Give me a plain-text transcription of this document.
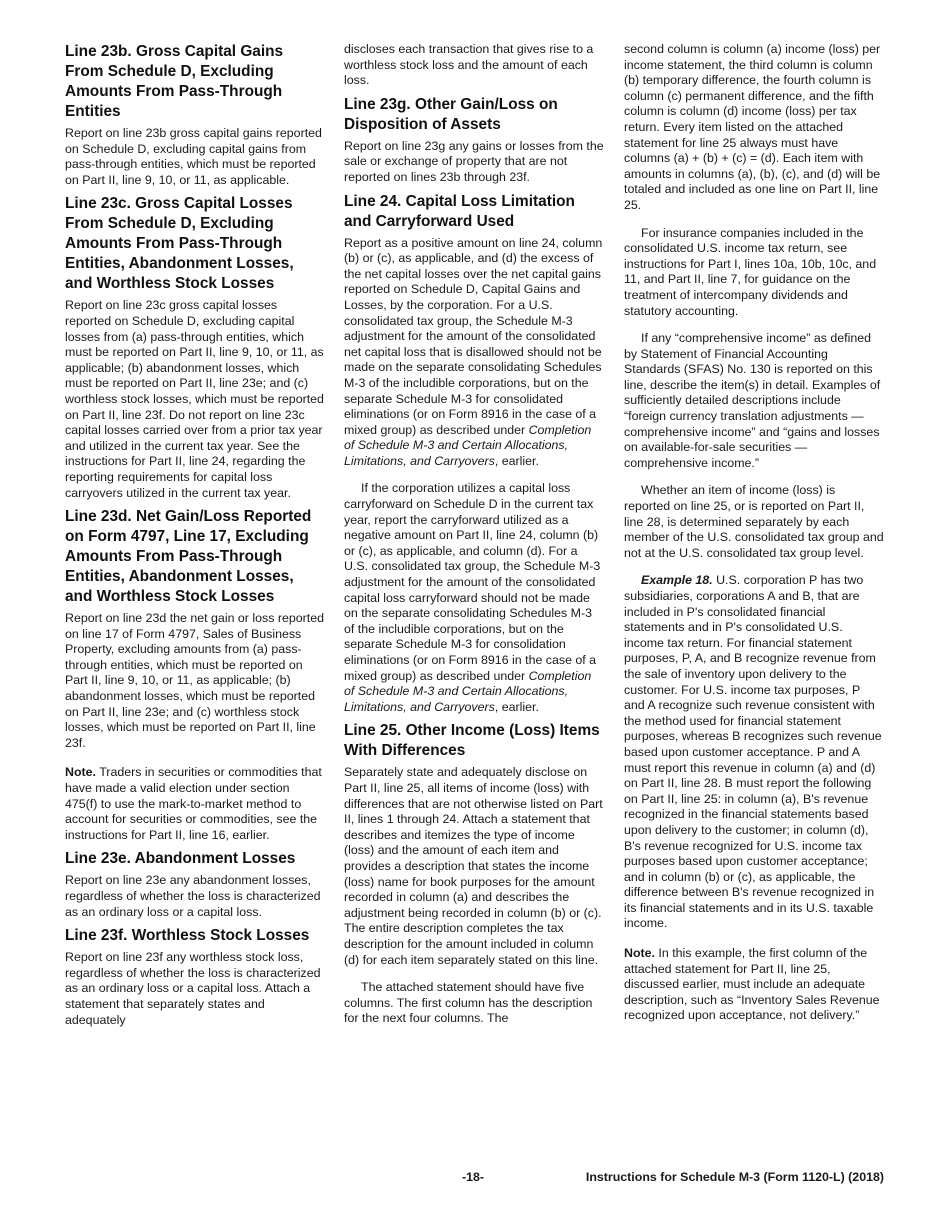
Line 23b. Gross Capital Gains From Schedule D, Excluding Amounts From Pass-Through Entities

Report on line 23b gross capital gains reported on Schedule D, excluding capital gains from pass-through entities, which must be reported on Part II, line 9, 10, or 11, as applicable.

Line 23c. Gross Capital Losses From Schedule D, Excluding Amounts From Pass-Through Entities, Abandonment Losses, and Worthless Stock Losses

Report on line 23c gross capital losses reported on Schedule D, excluding capital losses from (a) pass-through entities, which must be reported on Part II, line 9, 10, or 11, as applicable; (b) abandonment losses, which must be reported on Part II, line 23e; and (c) worthless stock losses, which must be reported on Part II, line 23f. Do not report on line 23c capital losses carried over from a prior tax year and utilized in the current tax year. See the instructions for Part II, line 24, regarding the reporting requirements for capital loss carryovers utilized in the current tax year.

Line 23d. Net Gain/Loss Reported on Form 4797, Line 17, Excluding Amounts From Pass-Through Entities, Abandonment Losses, and Worthless Stock Losses

Report on line 23d the net gain or loss reported on line 17 of Form 4797, Sales of Business Property, excluding amounts from (a) pass-through entities, which must be reported on Part II, line 9, 10, or 11, as applicable; (b) abandonment losses, which must be reported on Part II, line 23e; and (c) worthless stock losses, which must be reported on Part II, line 23f.

Note. Traders in securities or commodities that have made a valid election under section 475(f) to use the mark-to-market method to account for securities or commodities, see the instructions for Part II, line 16, earlier.

Line 23e. Abandonment Losses

Report on line 23e any abandonment losses, regardless of whether the loss is characterized as an ordinary loss or a capital loss.

Line 23f. Worthless Stock Losses

Report on line 23f any worthless stock loss, regardless of whether the loss is characterized as an ordinary loss or a capital loss. Attach a statement that separately states and adequately

discloses each transaction that gives rise to a worthless stock loss and the amount of each loss.

Line 23g. Other Gain/Loss on Disposition of Assets

Report on line 23g any gains or losses from the sale or exchange of property that are not reported on lines 23b through 23f.

Line 24. Capital Loss Limitation and Carryforward Used

Report as a positive amount on line 24, column (b) or (c), as applicable, and (d) the excess of the net capital losses over the net capital gains reported on Schedule D, Capital Gains and Losses, by the corporation. For a U.S. consolidated tax group, the Schedule M-3 adjustment for the amount of the consolidated net capital loss that is disallowed should not be made on the separate consolidating Schedules M-3 of the includible corporations, but on the separate Schedule M-3 for consolidated eliminations (or on Form 8916 in the case of a mixed group) as described under Completion of Schedule M-3 and Certain Allocations, Limitations, and Carryovers, earlier.

If the corporation utilizes a capital loss carryforward on Schedule D in the current tax year, report the carryforward utilized as a negative amount on Part II, line 24, column (b) or (c), as applicable, and column (d). For a U.S. consolidated tax group, the Schedule M-3 adjustment for the amount of the consolidated capital loss carryforward should not be made on the separate consolidating Schedules M-3 of the includible corporations, but on the separate Schedule M-3 for consolidation eliminations (or on Form 8916 in the case of a mixed group) as described under Completion of Schedule M-3 and Certain Allocations, Limitations, and Carryovers, earlier.

Line 25. Other Income (Loss) Items With Differences

Separately state and adequately disclose on Part II, line 25, all items of income (loss) with differences that are not otherwise listed on Part II, lines 1 through 24. Attach a statement that describes and itemizes the type of income (loss) and the amount of each item and provides a description that states the income (loss) name for book purposes for the amount recorded in column (a) and describes the adjustment being recorded in column (b) or (c). The entire description completes the tax description for the amount included in column (d) for each item separately stated on this line.

The attached statement should have five columns. The first column has the description for the next four columns. The

second column is column (a) income (loss) per income statement, the third column is column (b) temporary difference, the fourth column is column (c) permanent difference, and the fifth column is column (d) income (loss) per tax return. Every item listed on the attached statement for line 25 always must have columns (a) + (b) + (c) = (d). Each item with amounts in columns (a), (b), (c), and (d) will be totaled and included as one line on Part II, line 25.

For insurance companies included in the consolidated U.S. income tax return, see instructions for Part I, lines 10a, 10b, 10c, and 11, and Part II, line 7, for guidance on the treatment of intercompany dividends and statutory accounting.

If any “comprehensive income” as defined by Statement of Financial Accounting Standards (SFAS) No. 130 is reported on this line, describe the item(s) in detail. Examples of sufficiently detailed descriptions include “foreign currency translation adjustments — comprehensive income” and “gains and losses on available-for-sale securities — comprehensive income.”

Whether an item of income (loss) is reported on line 25, or is reported on Part II, line 28, is determined separately by each member of the U.S. consolidated tax group and not at the U.S. consolidated tax group level.

Example 18. U.S. corporation P has two subsidiaries, corporations A and B, that are included in P's consolidated financial statements and in P's consolidated U.S. income tax return. For financial statement purposes, P, A, and B recognize revenue from the sale of inventory upon delivery to the customer. For U.S. income tax purposes, P and A recognize such revenue consistent with the method used for financial statement purposes, whereas B recognizes such revenue based upon customer acceptance. P and A must report this revenue in column (a) and (d) on Part II, line 28. B must report the following on Part II, line 25: in column (a), B's revenue recognized in the financial statements based upon delivery to the customer; in column (d), B's revenue recognized for U.S. income tax purposes based upon customer acceptance; and in column (b) or (c), as applicable, the difference between B's revenue recognized in its financial statements and in its U.S. taxable income.

Note. In this example, the first column of the attached statement for Part II, line 25, discussed earlier, must include an adequate description, such as “Inventory Sales Revenue recognized upon acceptance, not delivery.”

-18-	Instructions for Schedule M-3 (Form 1120-L) (2018)
